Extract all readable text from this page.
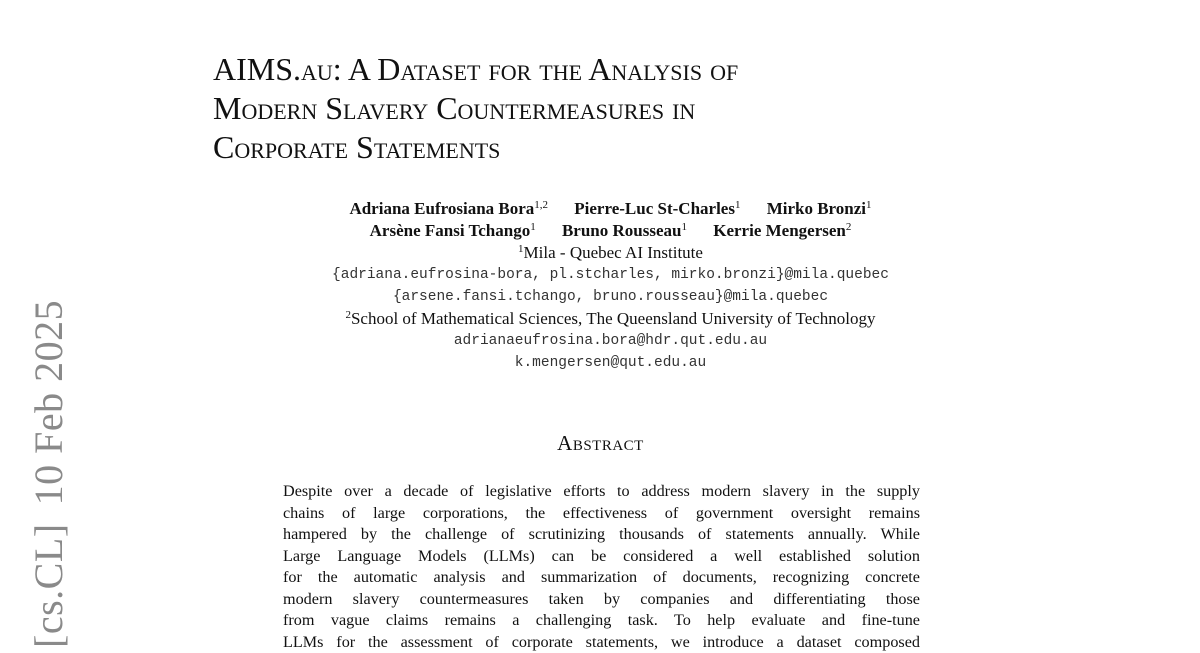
[cs.CL]10 Feb 2025
AIMS.au: A Dataset for the Analysis of
Modern Slavery Countermeasures in
Corporate Statements
Adriana Eufrosiana Bora$^{1,2}$ Pierre-Luc St-Charles$^1$ Mirko Bronzi$^1$
Arsène Fansi Tchango$^1$ Bruno Rousseau$^1$ Kerrie Mengersen$^2$
$^1$Mila - Quebec AI Institute
{adriana.eufrosina-bora, pl.stcharles, mirko.bronzi}@mila.quebec
{arsene.fansi.tchango, bruno.rousseau}@mila.quebec
$^2$School of Mathematical Sciences, The Queensland University of Technology
adrianaeufrosina.bora@hdr.qut.edu.au
k.mengersen@qut.edu.au
Abstract
Despite over a decade of legislative efforts to address modern slavery in the supply
chains of large corporations, the effectiveness of government oversight remains
hampered by the challenge of scrutinizing thousands of statements annually. While
Large Language Models (LLMs) can be considered a well established solution
for the automatic analysis and summarization of documents, recognizing concrete
modern slavery countermeasures taken by companies and differentiating those
from vague claims remains a challenging task. To help evaluate and fine-tune
LLMs for the assessment of corporate statements, we introduce a dataset composed
